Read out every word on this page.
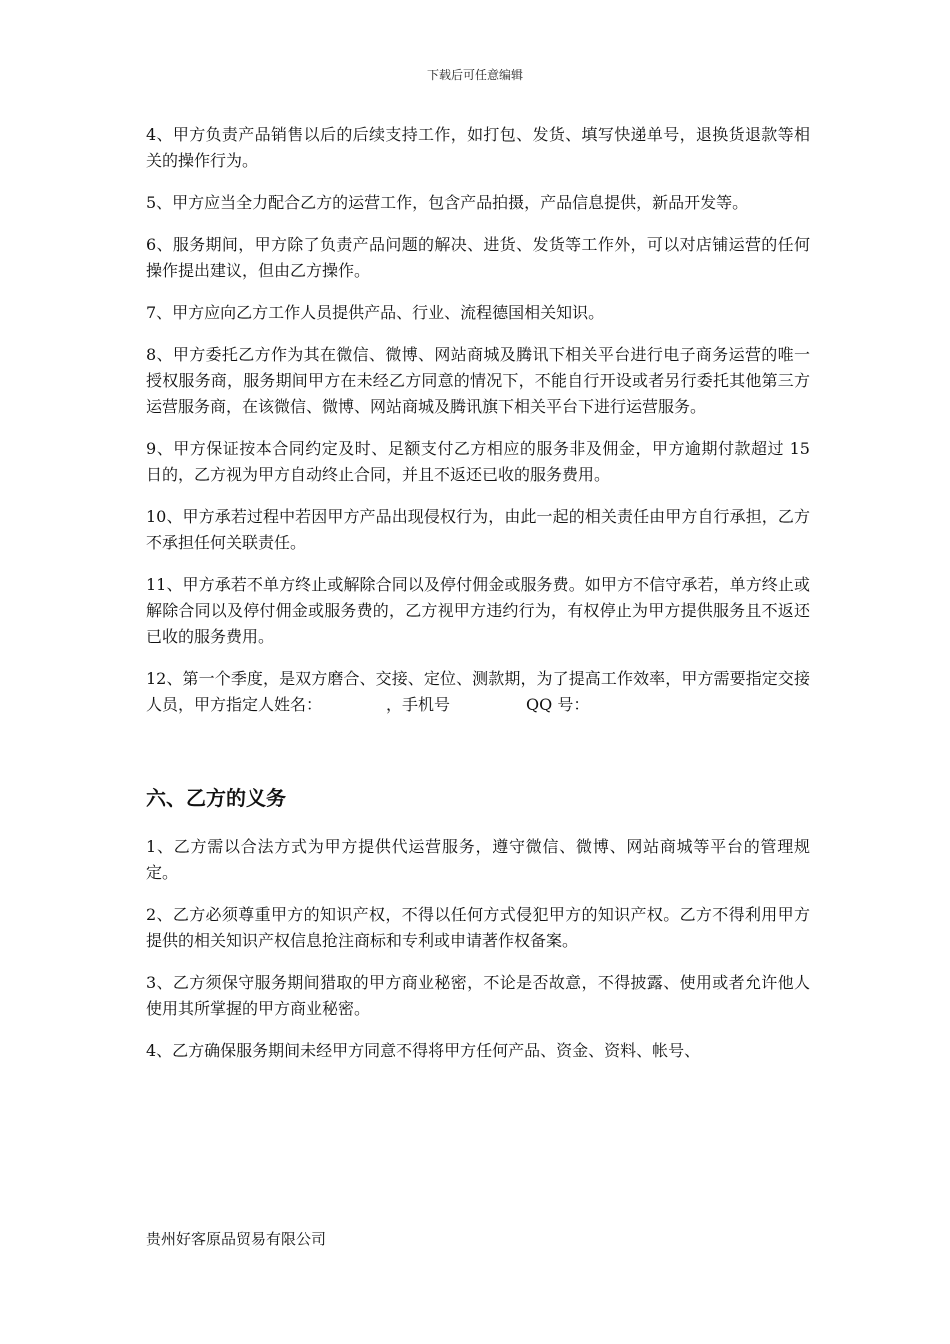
下载后可任意编辑

4、甲方负责产品销售以后的后续支持工作，如打包、发货、填写快递单号，退换货退款等相关的操作行为。

5、甲方应当全力配合乙方的运营工作，包含产品拍摄，产品信息提供，新品开发等。

6、服务期间，甲方除了负责产品问题的解决、进货、发货等工作外，可以对店铺运营的任何操作提出建议，但由乙方操作。

7、甲方应向乙方工作人员提供产品、行业、流程德国相关知识。

8、甲方委托乙方作为其在微信、微博、网站商城及腾讯下相关平台进行电子商务运营的唯一授权服务商，服务期间甲方在未经乙方同意的情况下，不能自行开设或者另行委托其他第三方运营服务商，在该微信、微博、网站商城及腾讯旗下相关平台下进行运营服务。

9、甲方保证按本合同约定及时、足额支付乙方相应的服务非及佣金，甲方逾期付款超过 15 日的，乙方视为甲方自动终止合同，并且不返还已收的服务费用。

10、甲方承若过程中若因甲方产品出现侵权行为，由此一起的相关责任由甲方自行承担，乙方不承担任何关联责任。

11、甲方承若不单方终止或解除合同以及停付佣金或服务费。如甲方不信守承若，单方终止或解除合同以及停付佣金或服务费的，乙方视甲方违约行为，有权停止为甲方提供服务且不返还已收的服务费用。

12、第一个季度，是双方磨合、交接、定位、测款期，为了提高工作效率，甲方需要指定交接人员，甲方指定人姓名：	，手机号	QQ 号：

六、乙方的义务

1、乙方需以合法方式为甲方提供代运营服务，遵守微信、微博、网站商城等平台的管理规定。

2、乙方必须尊重甲方的知识产权，不得以任何方式侵犯甲方的知识产权。乙方不得利用甲方提供的相关知识产权信息抢注商标和专利或申请著作权备案。

3、乙方须保守服务期间猎取的甲方商业秘密，不论是否故意，不得披露、使用或者允许他人使用其所掌握的甲方商业秘密。

4、乙方确保服务期间未经甲方同意不得将甲方任何产品、资金、资料、帐号、

贵州好客原品贸易有限公司
